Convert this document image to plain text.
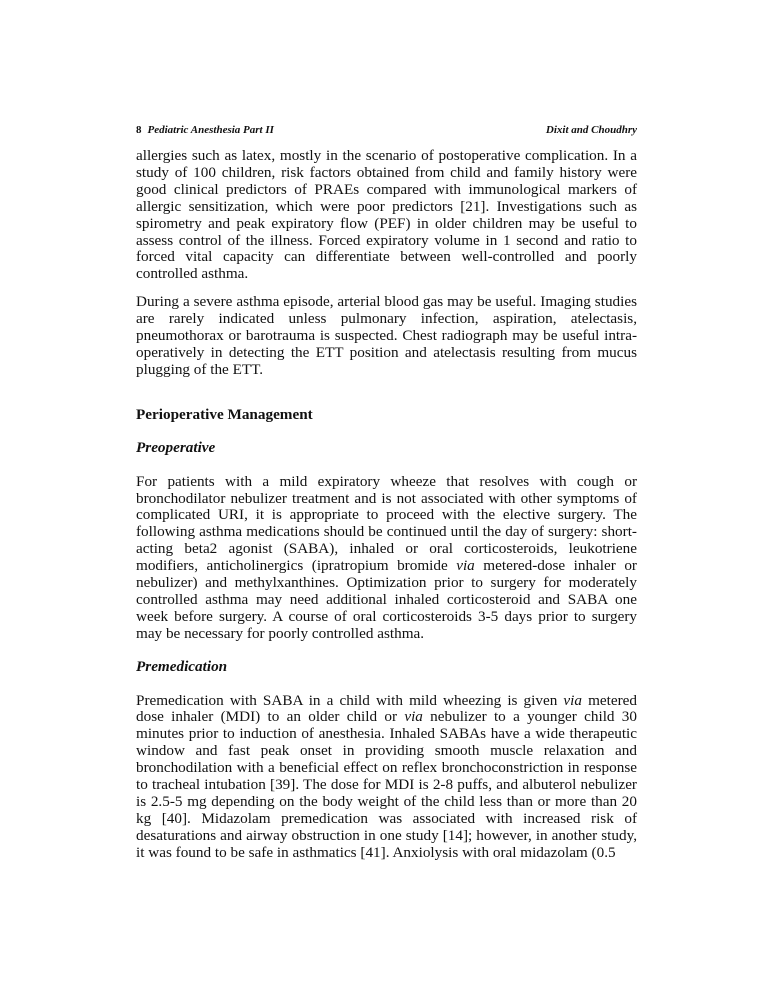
8 Pediatric Anesthesia Part II	Dixit and Choudhry

allergies such as latex, mostly in the scenario of postoperative complication. In a study of 100 children, risk factors obtained from child and family history were good clinical predictors of PRAEs compared with immunological markers of allergic sensitization, which were poor predictors [21]. Investigations such as spirometry and peak expiratory flow (PEF) in older children may be useful to assess control of the illness. Forced expiratory volume in 1 second and ratio to forced vital capacity can differentiate between well-controlled and poorly controlled asthma.

During a severe asthma episode, arterial blood gas may be useful. Imaging studies are rarely indicated unless pulmonary infection, aspiration, atelectasis, pneumothorax or barotrauma is suspected. Chest radiograph may be useful intra-operatively in detecting the ETT position and atelectasis resulting from mucus plugging of the ETT.

Perioperative Management
Preoperative

For patients with a mild expiratory wheeze that resolves with cough or bronchodilator nebulizer treatment and is not associated with other symptoms of complicated URI, it is appropriate to proceed with the elective surgery. The following asthma medications should be continued until the day of surgery: short-acting beta2 agonist (SABA), inhaled or oral corticosteroids, leukotriene modifiers, anticholinergics (ipratropium bromide via metered-dose inhaler or nebulizer) and methylxanthines. Optimization prior to surgery for moderately controlled asthma may need additional inhaled corticosteroid and SABA one week before surgery. A course of oral corticosteroids 3-5 days prior to surgery may be necessary for poorly controlled asthma.

Premedication

Premedication with SABA in a child with mild wheezing is given via metered dose inhaler (MDI) to an older child or via nebulizer to a younger child 30 minutes prior to induction of anesthesia. Inhaled SABAs have a wide therapeutic window and fast peak onset in providing smooth muscle relaxation and bronchodilation with a beneficial effect on reflex bronchoconstriction in response to tracheal intubation [39]. The dose for MDI is 2-8 puffs, and albuterol nebulizer is 2.5-5 mg depending on the body weight of the child less than or more than 20 kg [40]. Midazolam premedication was associated with increased risk of desaturations and airway obstruction in one study [14]; however, in another study, it was found to be safe in asthmatics [41]. Anxiolysis with oral midazolam (0.5
